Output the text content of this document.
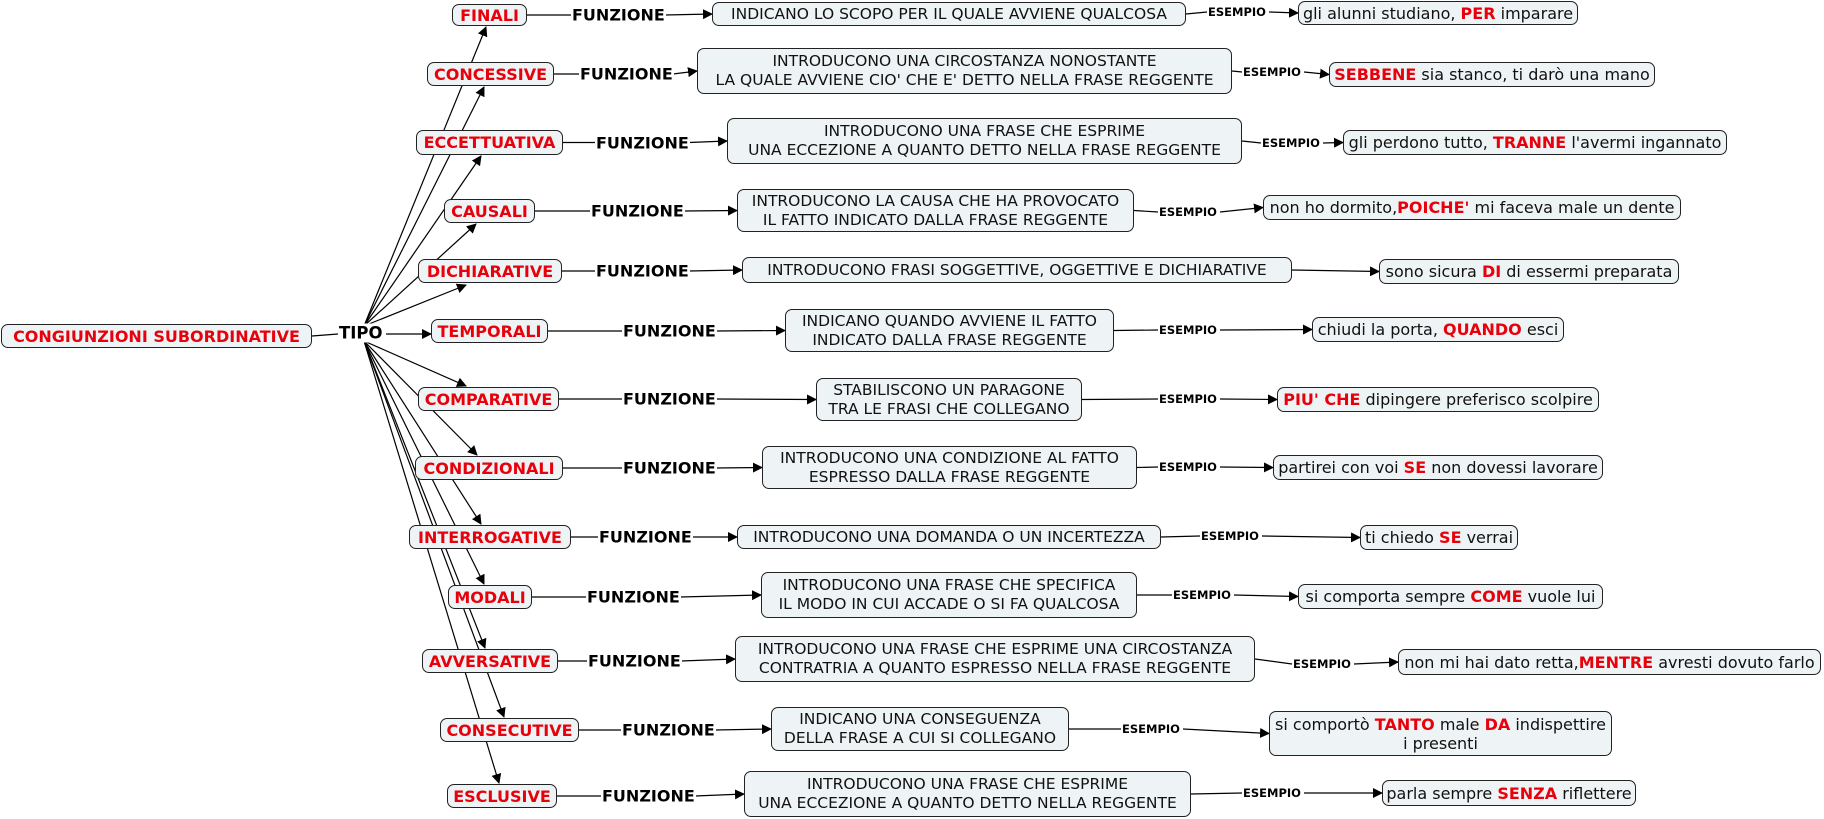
CONGIUNZIONI SUBORDINATIVE TIPO
FINALI	FUNZIONE	INDICANO LO SCOPO PER IL QUALE AVVIENE QUALCOSA	ESEMPIO gli alunni studiano, PER imparare
CONCESSIVE FUNZIONE
INTRODUCONO UNA CIRCOSTANZA NONOSTANTE
LA QUALE AVVIENE CIO' CHE E' DETTO NELLA FRASE REGGENTE	ESEMPIO SEBBENE sia stanco, ti darò una mano
ECCETTUATIVA	FUNZIONE
INTRODUCONO UNA FRASE CHE ESPRIME
UNA ECCEZIONE A QUANTO DETTO NELLA FRASE REGGENTE	ESEMPIO gli perdono tutto, TRANNE l'avermi ingannato
CAUSALI	FUNZIONE
INTRODUCONO LA CAUSA CHE HA PROVOCATO
IL FATTO INDICATO DALLA FRASE REGGENTE	ESEMPIO	non ho dormito,POICHE' mi faceva male un dente
DICHIARATIVE	FUNZIONE	INTRODUCONO FRASI SOGGETTIVE, OGGETTIVE E DICHIARATIVE	sono sicura DI di essermi preparata
TEMPORALI	FUNZIONE
INDICANO QUANDO AVVIENE IL FATTO
INDICATO DALLA FRASE REGGENTE
ESEMPIO	chiudi la porta, QUANDO esci
COMPARATIVE	FUNZIONE	STABILISCONO UN PARAGONE
TRA LE FRASI CHE COLLEGANO
ESEMPIO	PIU' CHE dipingere preferisco scolpire
CONDIZIONALI	FUNZIONE
INTRODUCONO UNA CONDIZIONE AL FATTO
ESPRESSO DALLA FRASE REGGENTE
ESEMPIO	partirei con voi SE non dovessi lavorare
INTERROGATIVE FUNZIONE	INTRODUCONO UNA DOMANDA O UN INCERTEZZA	ESEMPIO	ti chiedo SE verrai
MODALI	FUNZIONE
INTRODUCONO UNA FRASE CHE SPECIFICA
IL MODO IN CUI ACCADE O SI FA QUALCOSA	ESEMPIO	si comporta sempre COME vuole lui
AVVERSATIVE FUNZIONE
INTRODUCONO UNA FRASE CHE ESPRIME UNA CIRCOSTANZA
CONTRATRIA A QUANTO ESPRESSO NELLA FRASE REGGENTE	ESEMPIO	non mi hai dato retta,MENTRE avresti dovuto farlo
CONSECUTIVE	FUNZIONE
INDICANO UNA CONSEGUENZA
DELLA FRASE A CUI SI COLLEGANO	ESEMPIO	si comportò TANTO male DA indispettire
i presenti
ESCLUSIVE	FUNZIONE
INTRODUCONO UNA FRASE CHE ESPRIME
UNA ECCEZIONE A QUANTO DETTO NELLA REGGENTE
ESEMPIO	parla sempre SENZA riflettere
